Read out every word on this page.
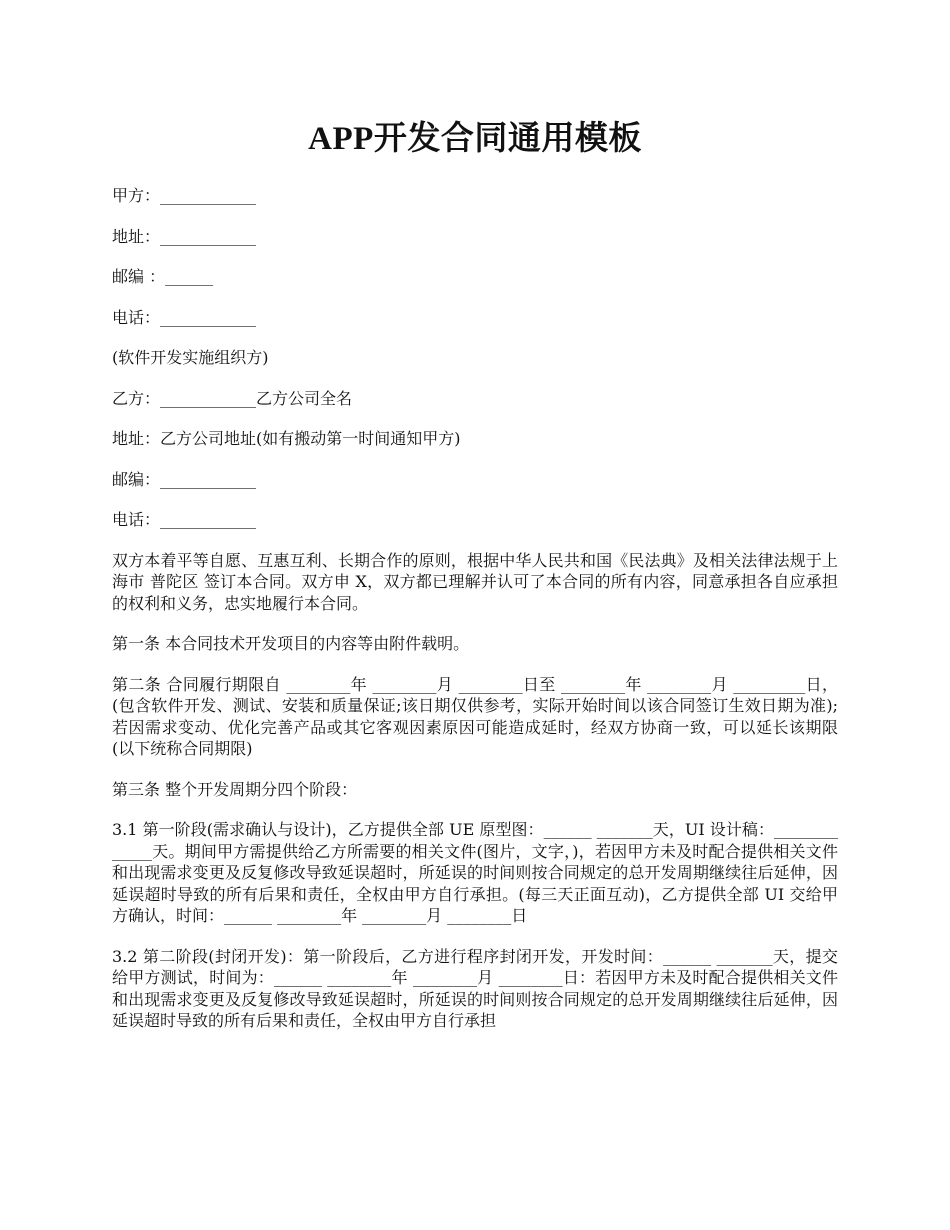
APP开发合同通用模板

甲方：____________

地址：____________

邮编 ：______

电话：____________

(软件开发实施组织方)

乙方：____________乙方公司全名

地址：乙方公司地址(如有搬动第一时间通知甲方)

邮编：____________

电话：____________

双方本着平等自愿、互惠互利、长期合作的原则，根据中华人民共和国《民法典》及相关法律法规于上海市 普陀区 签订本合同。双方申 X，双方都已理解并认可了本合同的所有内容，同意承担各自应承担的权利和义务，忠实地履行本合同。

第一条 本合同技术开发项目的内容等由附件载明。

第二条 合同履行期限自 ________年 ________月 ________日至 ________年 ________月 _________日，(包含软件开发、测试、安装和质量保证;该日期仅供参考，实际开始时间以该合同签订生效日期为准);若因需求变动、优化完善产品或其它客观因素原因可能造成延时，经双方协商一致，可以延长该期限(以下统称合同期限)

第三条 整个开发周期分四个阶段：

3.1 第一阶段(需求确认与设计)，乙方提供全部 UE 原型图：______ _______天，UI 设计稿：_____________天。期间甲方需提供给乙方所需要的相关文件(图片，文字，)，若因甲方未及时配合提供相关文件和出现需求变更及反复修改导致延误超时，所延误的时间则按合同规定的总开发周期继续往后延伸，因延误超时导致的所有后果和责任，全权由甲方自行承担。(每三天正面互动)，乙方提供全部 UI 交给甲方确认，时间：______ ________年 ________月 ________日

3.2 第二阶段(封闭开发)：第一阶段后，乙方进行程序封闭开发，开发时间：______ _______天，提交给甲方测试，时间为：______ ________年 ________月 ________日：若因甲方未及时配合提供相关文件和出现需求变更及反复修改导致延误超时，所延误的时间则按合同规定的总开发周期继续往后延伸，因延误超时导致的所有后果和责任，全权由甲方自行承担
